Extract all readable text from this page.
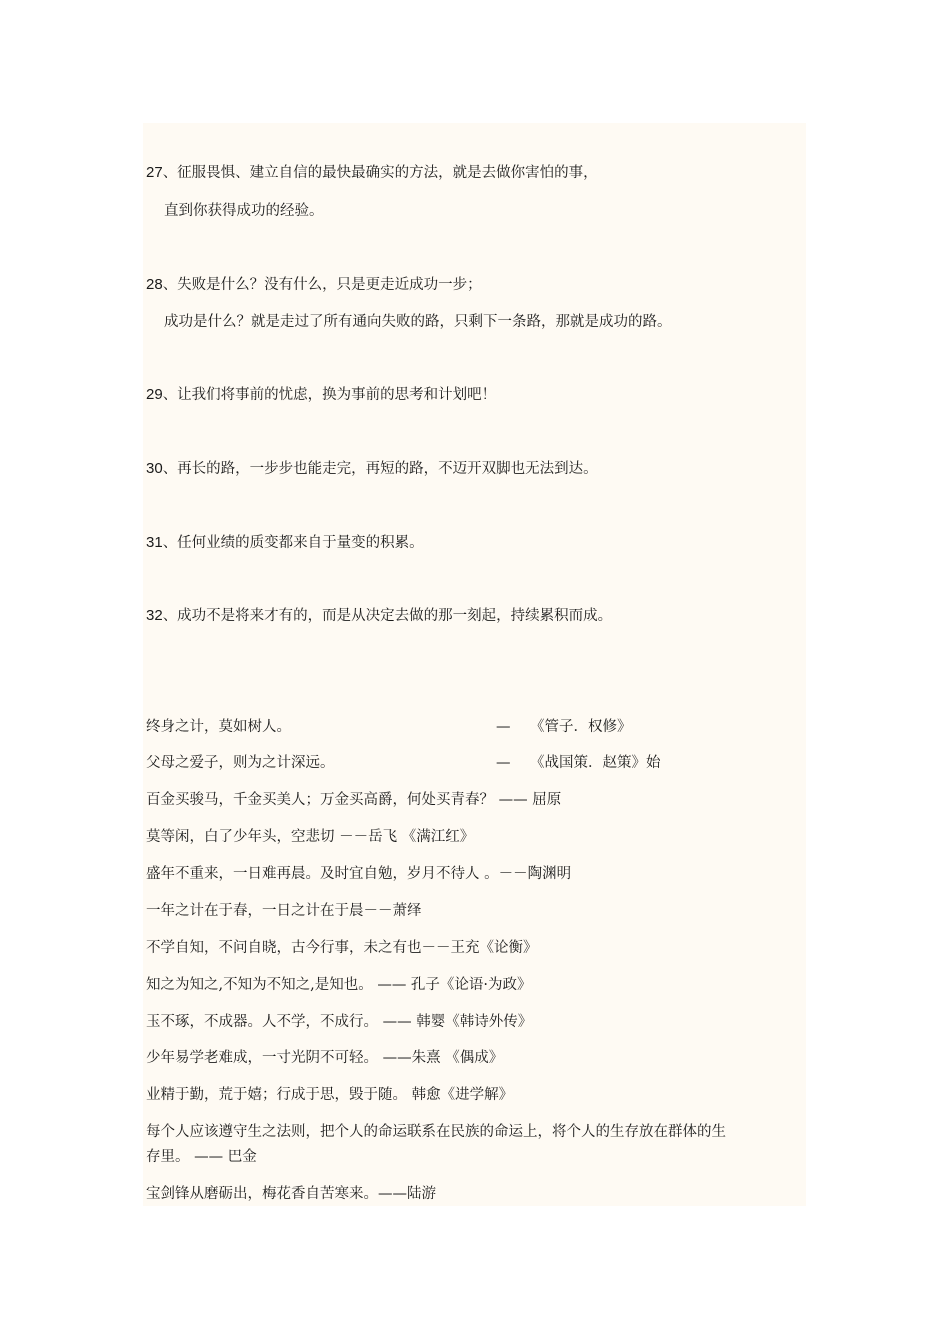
27、征服畏惧、建立自信的最快最确实的方法，就是去做你害怕的事，
直到你获得成功的经验。
28、失败是什么？没有什么，只是更走近成功一步；
成功是什么？就是走过了所有通向失败的路，只剩下一条路，那就是成功的路。
29、让我们将事前的忧虑，换为事前的思考和计划吧！
30、再长的路，一步步也能走完，再短的路，不迈开双脚也无法到达。
31、任何业绩的质变都来自于量变的积累。
32、成功不是将来才有的，而是从决定去做的那一刻起，持续累积而成。
终身之计，莫如树人。	— 《管子．权修》
父母之爱子，则为之计深远。	— 《战国策．赵策》始
百金买骏马，千金买美人；万金买高爵，何处买青春？ —— 屈原
莫等闲，白了少年头，空悲切 －－岳飞 《满江红》
盛年不重来，一日难再晨。及时宜自勉，岁月不待人 。－－陶渊明
一年之计在于春，一日之计在于晨－－萧绎
不学自知，不问自晓，古今行事，未之有也－－王充《论衡》
知之为知之,不知为不知之,是知也。 —— 孔子《论语·为政》
玉不琢，不成器。人不学，不成行。 —— 韩婴《韩诗外传》
少年易学老难成，一寸光阴不可轻。 ——朱熹 《偶成》
业精于勤，荒于嬉；行成于思，毁于随。 韩愈《进学解》
每个人应该遵守生之法则，把个人的命运联系在民族的命运上，将个人的生存放在群体的生
存里。 —— 巴金
宝剑锋从磨砺出，梅花香自苦寒来。——陆游
